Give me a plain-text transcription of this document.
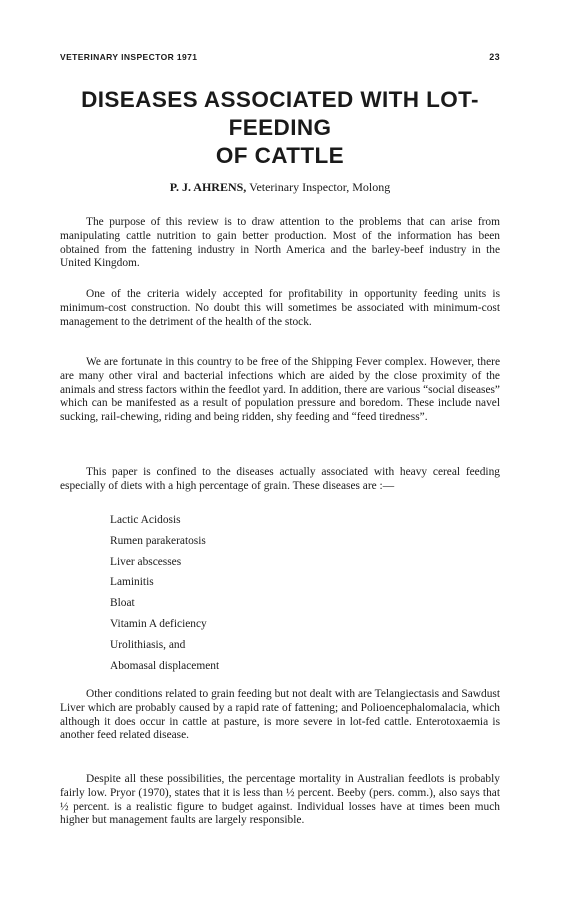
VETERINARY INSPECTOR 1971	23
DISEASES ASSOCIATED WITH LOT-FEEDING
OF CATTLE
P. J. AHRENS, Veterinary Inspector, Molong

The purpose of this review is to draw attention to the problems that can arise from manipulating cattle nutrition to gain better production. Most of the information has been obtained from the fattening industry in North America and the barley-beef industry in the United Kingdom.

One of the criteria widely accepted for profitability in opportunity feeding units is minimum-cost construction. No doubt this will sometimes be associated with minimum-cost management to the detriment of the health of the stock.

We are fortunate in this country to be free of the Shipping Fever complex. However, there are many other viral and bacterial infections which are aided by the close proximity of the animals and stress factors within the feedlot yard. In addition, there are various “social diseases” which can be manifested as a result of population pressure and boredom. These include navel sucking, rail-chewing, riding and being ridden, shy feeding and “feed tiredness”.

This paper is confined to the diseases actually associated with heavy cereal feeding especially of diets with a high percentage of grain. These diseases are :—

Lactic Acidosis
Rumen parakeratosis
Liver abscesses
Laminitis
Bloat
Vitamin A deficiency
Urolithiasis, and
Abomasal displacement

Other conditions related to grain feeding but not dealt with are Telangiectasis and Sawdust Liver which are probably caused by a rapid rate of fattening; and Polioencephalomalacia, which although it does occur in cattle at pasture, is more severe in lot-fed cattle. Enterotoxaemia is another feed related disease.

Despite all these possibilities, the percentage mortality in Australian feedlots is probably fairly low. Pryor (1970), states that it is less than ½ percent. Beeby (pers. comm.), also says that ½ percent. is a realistic figure to budget against. Individual losses have at times been much higher but management faults are largely responsible.
